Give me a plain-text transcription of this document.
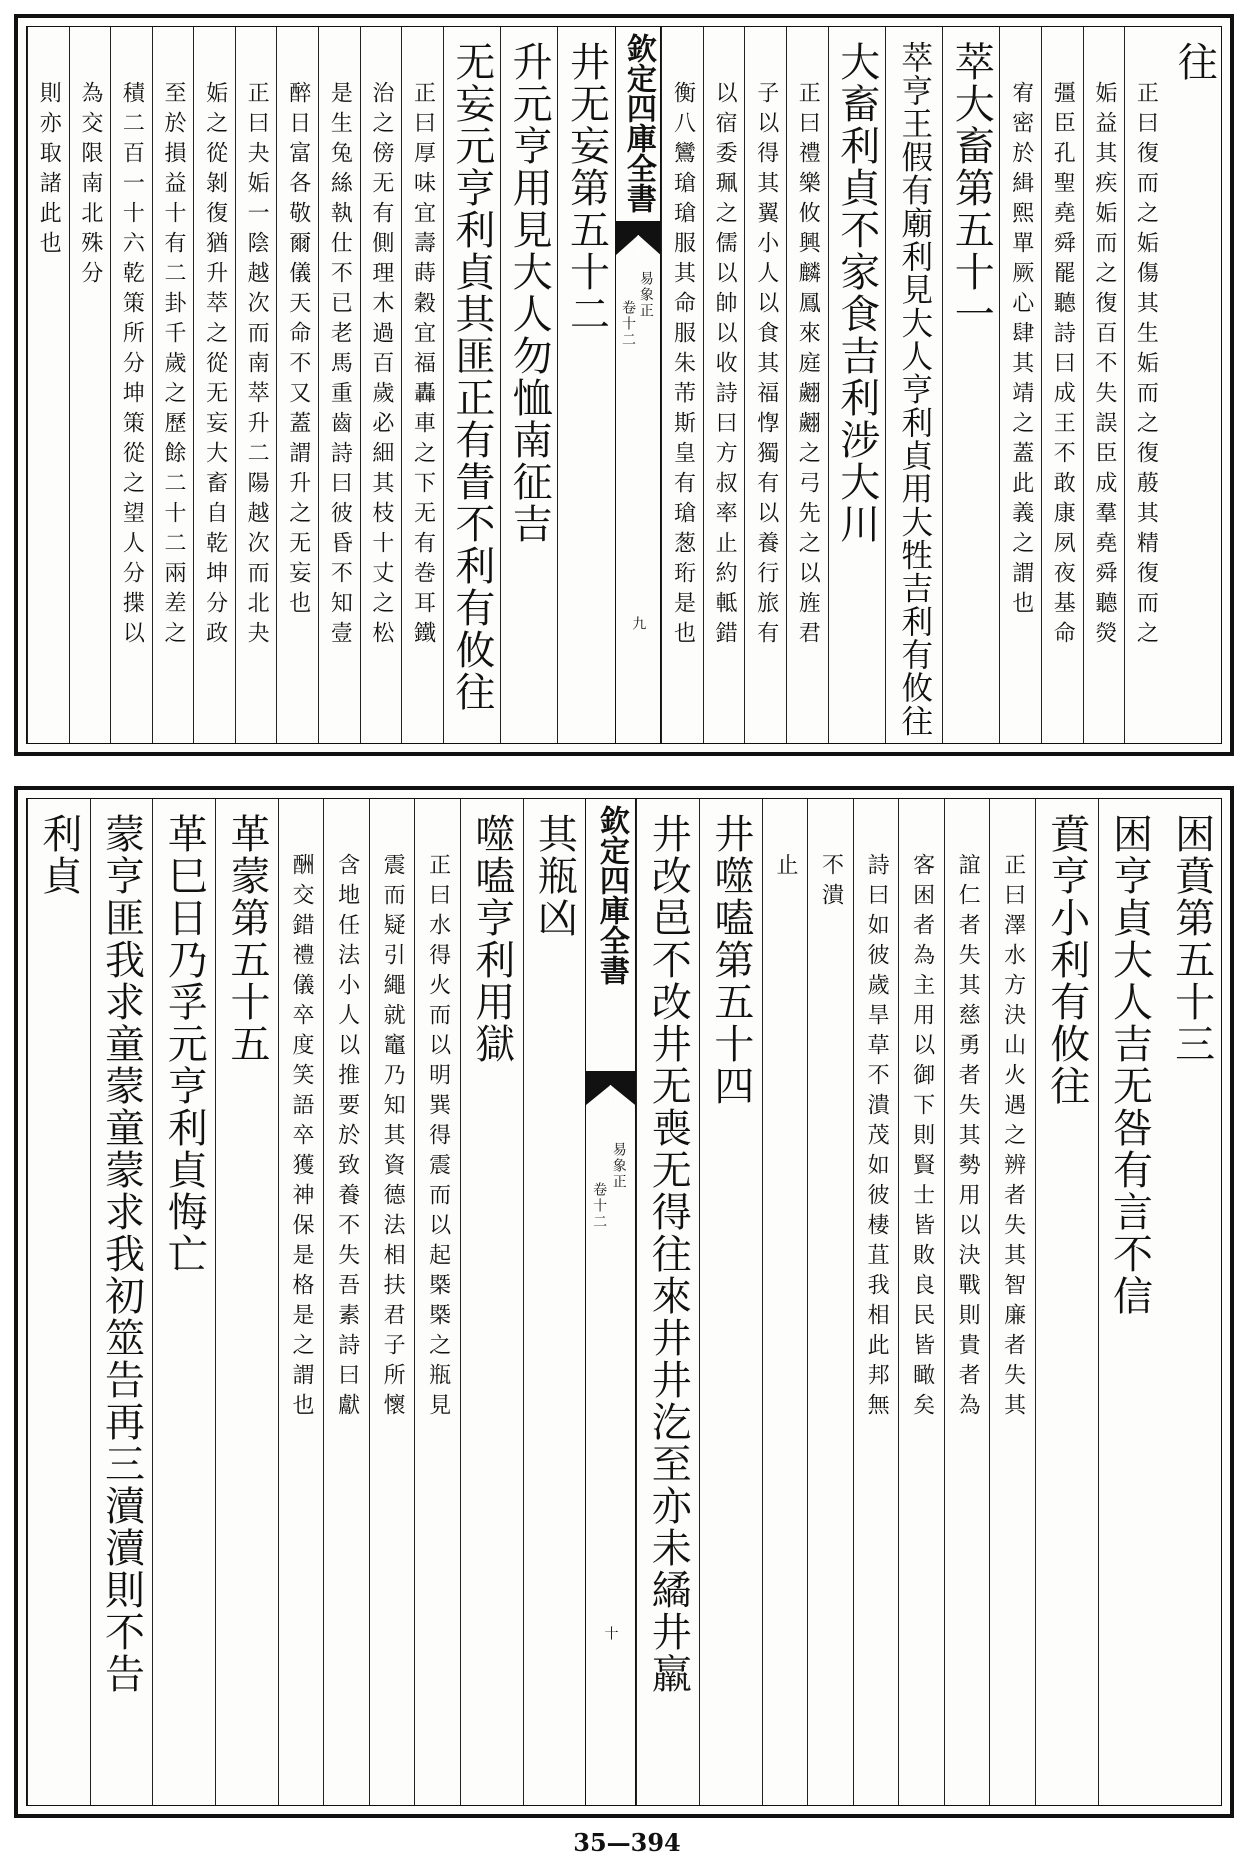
往
正曰復而之姤傷其生姤而之復蒑其精復而之
姤益其疾姤而之復百不失誤臣成羣堯舜聽熒
彊臣孔聖堯舜罷聽詩曰成王不敢康夙夜基命
宥密於緝熙單厥心肆其靖之蓋此義之謂也
萃大畜第五十一
萃亨王假有廟利見大人亨利貞用大牲吉利有攸往
大畜利貞不家食吉利涉大川
正曰禮樂攸興麟鳳來庭翽翽之弓先之以旌君
子以得其翼小人以食其福惸獨有以養行旅有
以宿委珮之儒以帥以收詩曰方叔率止約軧錯
衡八鸞瑲瑲服其命服朱芾斯皇有瑲葱珩是也
欽定四庫全書
易象正
卷十二
九
井无妄第五十二
升元亨用見大人勿恤南征吉
无妄元亨利貞其匪正有眚不利有攸往
正曰厚味宜壽蒔穀宜福轟車之下无有巻耳鐵
治之傍无有側理木過百歲必細其枝十丈之松
是生兔絲執仕不已老馬重齒詩曰彼昏不知壹
醉日富各敬爾儀天命不又蓋謂升之无妄也
正曰夬姤一陰越次而南萃升二陽越次而北夬
姤之從剝復猶升萃之從无妄大畜自乾坤分政
至於損益十有二卦千歲之歷餘二十二兩差之
積二百一十六乾策所分坤策從之望人分揲以
為交限南北殊分
則亦取諸此也
困賁第五十三
困亨貞大人吉无咎有言不信
賁亨小利有攸往
正曰澤水方決山火遇之辨者失其智廉者失其
誼仁者失其慈勇者失其勢用以決戰則貴者為
客困者為主用以御下則賢士皆敗良民皆瞰矣
詩曰如彼歲旱草不潰茂如彼棲苴我相此邦無
不潰
止
井噬嗑第五十四
井改邑不改井无喪无得往來井井汔至亦未繘井羸
欽定四庫全書
易象正
卷十二
十
其瓶凶
噬嗑亨利用獄
正曰水得火而以明巽得震而以起槩槩之瓶見
震而疑引繩就竈乃知其資德法相扶君子所懷
含地任法小人以推要於致養不失吾素詩曰獻
酬交錯禮儀卒度笑語卒獲神保是格是之謂也
革蒙第五十五
革巳日乃孚元亨利貞悔亡
蒙亨匪我求童蒙童蒙求我初筮告再三瀆瀆則不告
利貞
35—394
